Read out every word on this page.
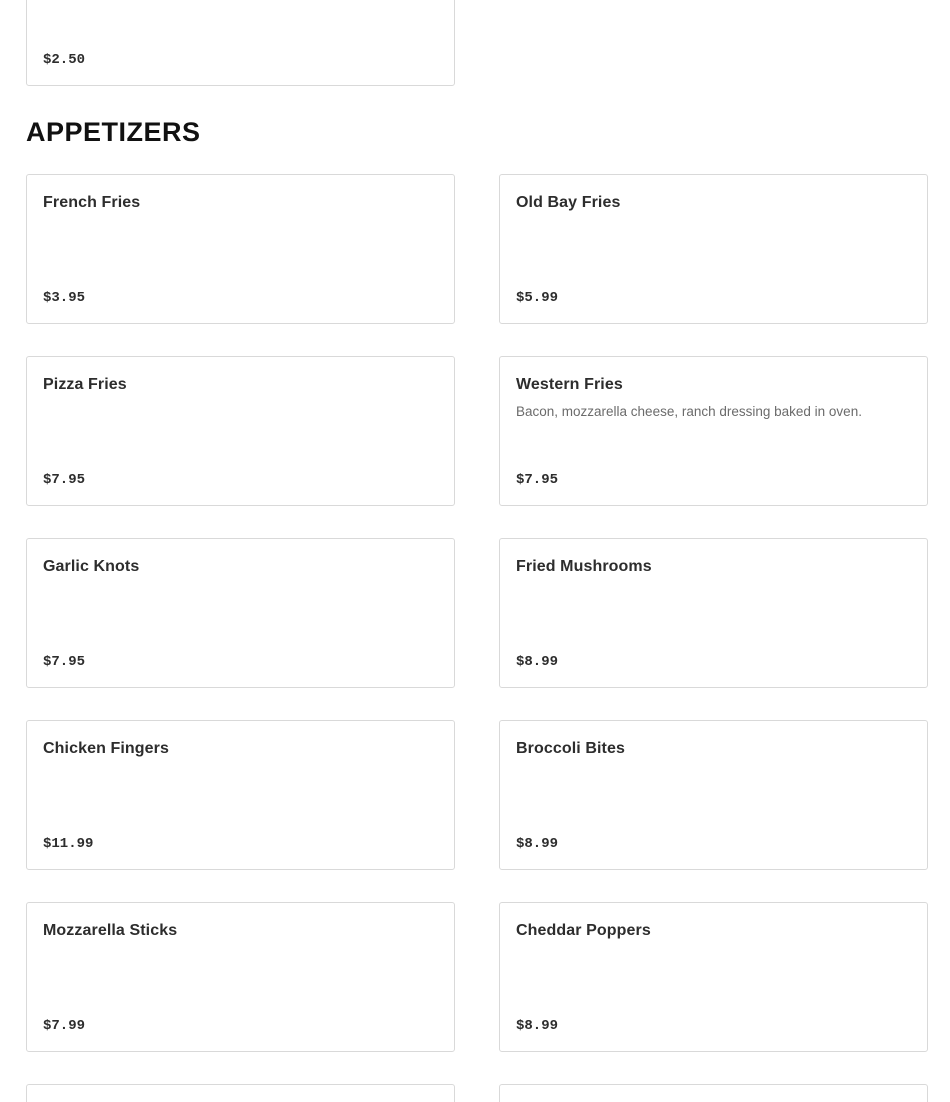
$2.50
APPETIZERS
French Fries
$3.95
Old Bay Fries
$5.99
Pizza Fries
$7.95
Western Fries
Bacon, mozzarella cheese, ranch dressing baked in oven.
$7.95
Garlic Knots
$7.95
Fried Mushrooms
$8.99
Chicken Fingers
$11.99
Broccoli Bites
$8.99
Mozzarella Sticks
$7.99
Cheddar Poppers
$8.99
